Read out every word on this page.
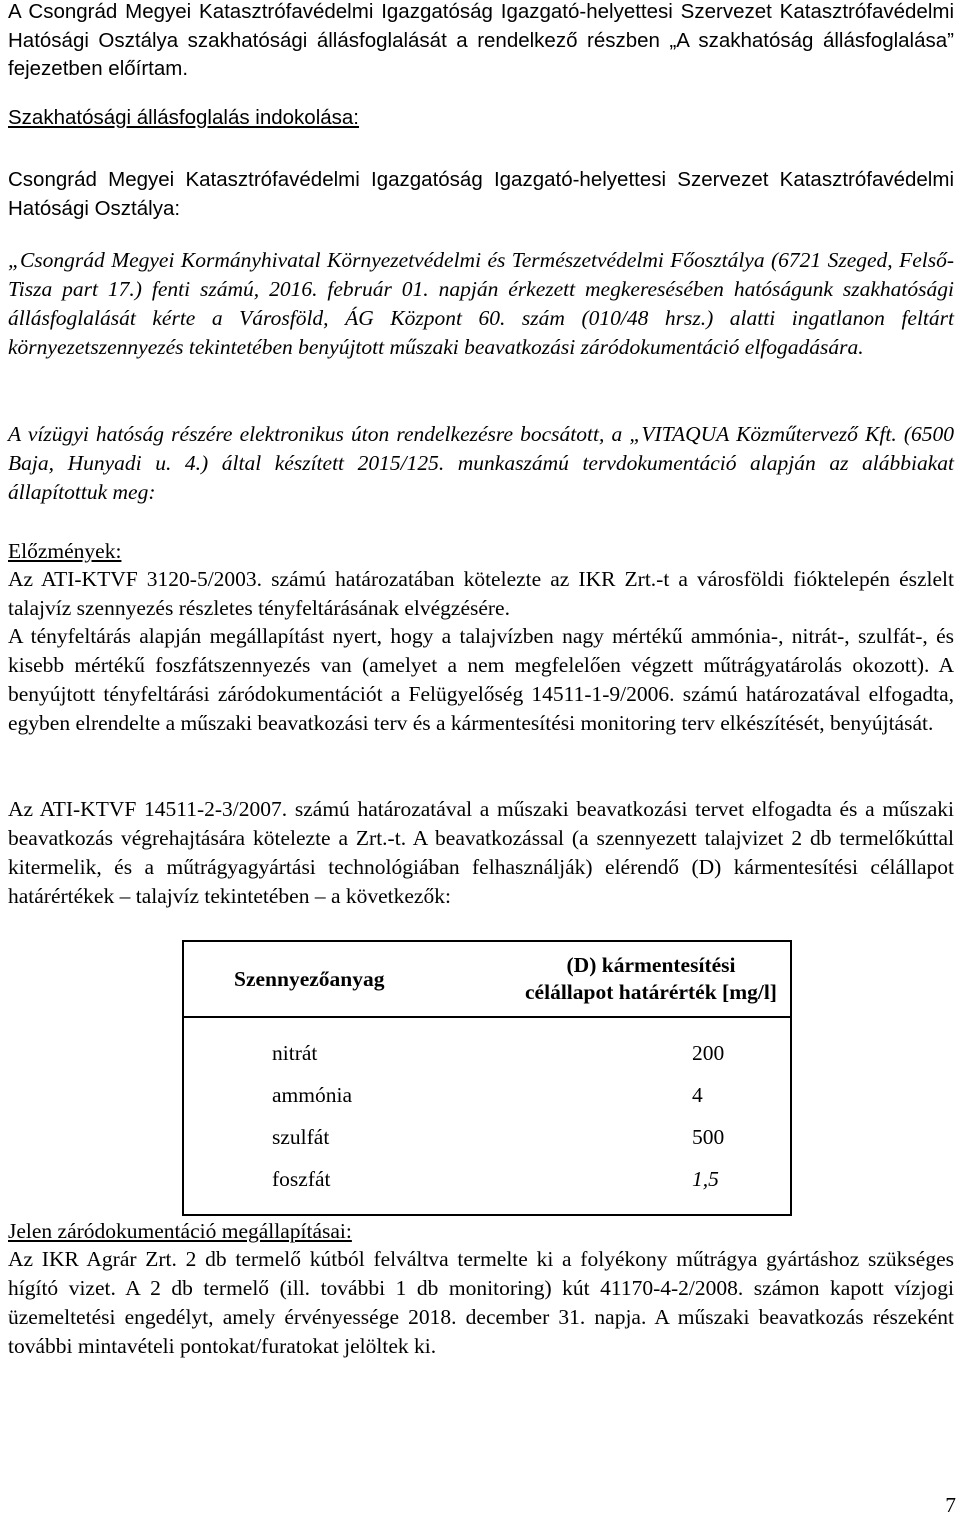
A Csongrád Megyei Katasztrófavédelmi Igazgatóság Igazgató-helyettesi Szervezet Katasztrófavédelmi Hatósági Osztálya szakhatósági állásfoglalását a rendelkező részben „A szakhatóság állásfoglalása” fejezetben előírtam.

Szakhatósági állásfoglalás indokolása:

Csongrád Megyei Katasztrófavédelmi Igazgatóság Igazgató-helyettesi Szervezet Katasztrófavédelmi Hatósági Osztálya:

„Csongrád Megyei Kormányhivatal Környezetvédelmi és Természetvédelmi Főosztálya (6721 Szeged, Felső-Tisza part 17.) fenti számú, 2016. február 01. napján érkezett megkeresésében hatóságunk szakhatósági állásfoglalását kérte a Városföld, ÁG Központ 60. szám (010/48 hrsz.) alatti ingatlanon feltárt környezetszennyezés tekintetében benyújtott műszaki beavatkozási záródokumentáció elfogadására.

A vízügyi hatóság részére elektronikus úton rendelkezésre bocsátott, a „VITAQUA Közműtervező Kft. (6500 Baja, Hunyadi u. 4.) által készített 2015/125. munkaszámú tervdokumentáció alapján az alábbiakat állapítottuk meg:

Előzmények:

Az ATI-KTVF 3120-5/2003. számú határozatában kötelezte az IKR Zrt.-t a városföldi fióktelepén észlelt talajvíz szennyezés részletes tényfeltárásának elvégzésére.

A tényfeltárás alapján megállapítást nyert, hogy a talajvízben nagy mértékű ammónia-, nitrát-, szulfát-, és kisebb mértékű foszfátszennyezés van (amelyet a nem megfelelően végzett műtrágyatárolás okozott). A benyújtott tényfeltárási záródokumentációt a Felügyelőség 14511-1-9/2006. számú határozatával elfogadta, egyben elrendelte a műszaki beavatkozási terv és a kármentesítési monitoring terv elkészítését, benyújtását.

Az ATI-KTVF 14511-2-3/2007. számú határozatával a műszaki beavatkozási tervet elfogadta és a műszaki beavatkozás végrehajtására kötelezte a Zrt.-t. A beavatkozással (a szennyezett talajvizet 2 db termelőkúttal kitermelik, és a műtrágyagyártási technológiában felhasználják) elérendő (D) kármentesítési célállapot határértékek – talajvíz tekintetében – a következők:

Szennyezőanyag	(D) kármentesítési célállapot határérték [mg/l]
nitrát	200
ammónia	4
szulfát	500
foszfát	1,5

Jelen záródokumentáció megállapításai:

Az IKR Agrár Zrt. 2 db termelő kútból felváltva termelte ki a folyékony műtrágya gyártáshoz szükséges hígító vizet. A 2 db termelő (ill. további 1 db monitoring) kút 41170-4-2/2008. számon kapott vízjogi üzemeltetési engedélyt, amely érvényessége 2018. december 31. napja. A műszaki beavatkozás részeként további mintavételi pontokat/furatokat jelöltek ki.

7
